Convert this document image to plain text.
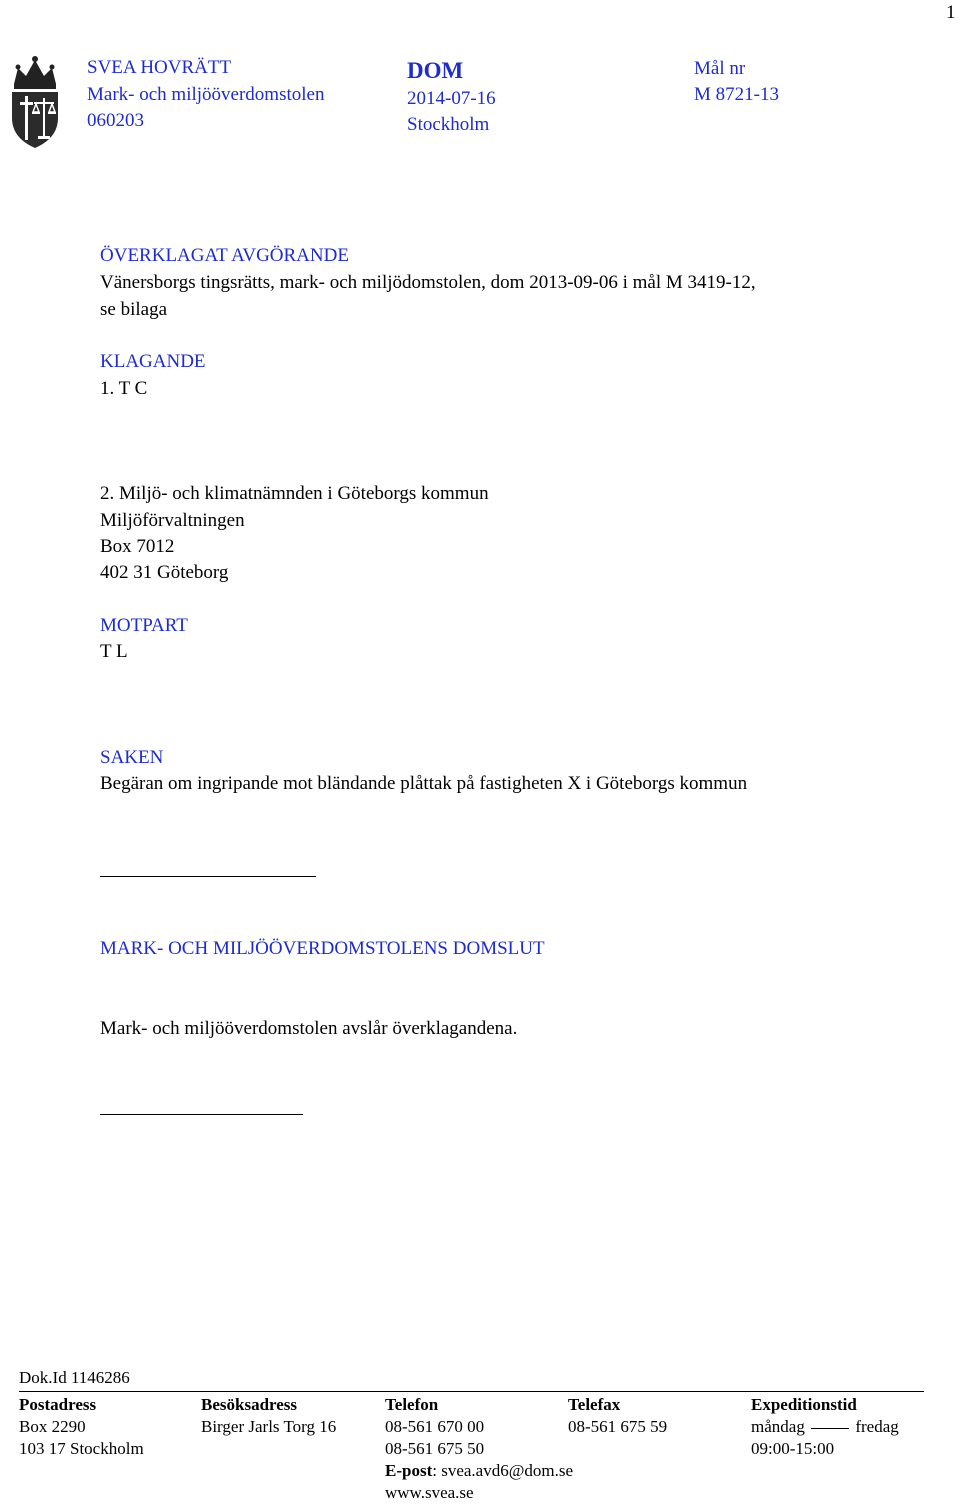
1
SVEA HOVRÄTT
Mark- och miljööverdomstolen
060203
DOM
2014-07-16
Stockholm
Mål nr
M 8721-13
ÖVERKLAGAT AVGÖRANDE
Vänersborgs tingsrätts, mark- och miljödomstolen, dom 2013-09-06 i mål M 3419-12,
se bilaga
KLAGANDE
1. T C
2. Miljö- och klimatnämnden i Göteborgs kommun
Miljöförvaltningen
Box 7012
402 31 Göteborg
MOTPART
T L
SAKEN
Begäran om ingripande mot bländande plåttak på fastigheten X i Göteborgs kommun
MARK- OCH MILJÖÖVERDOMSTOLENS DOMSLUT
Mark- och miljööverdomstolen avslår överklagandena.
Dok.Id 1146286
Postadress
Box 2290
103 17 Stockholm
Besöksadress
Birger Jarls Torg 16
Telefon
08-561 670 00
08-561 675 50
E-post: svea.avd6@dom.se
www.svea.se
Telefax
08-561 675 59
Expeditionstid
måndag	fredag
09:00-15:00
